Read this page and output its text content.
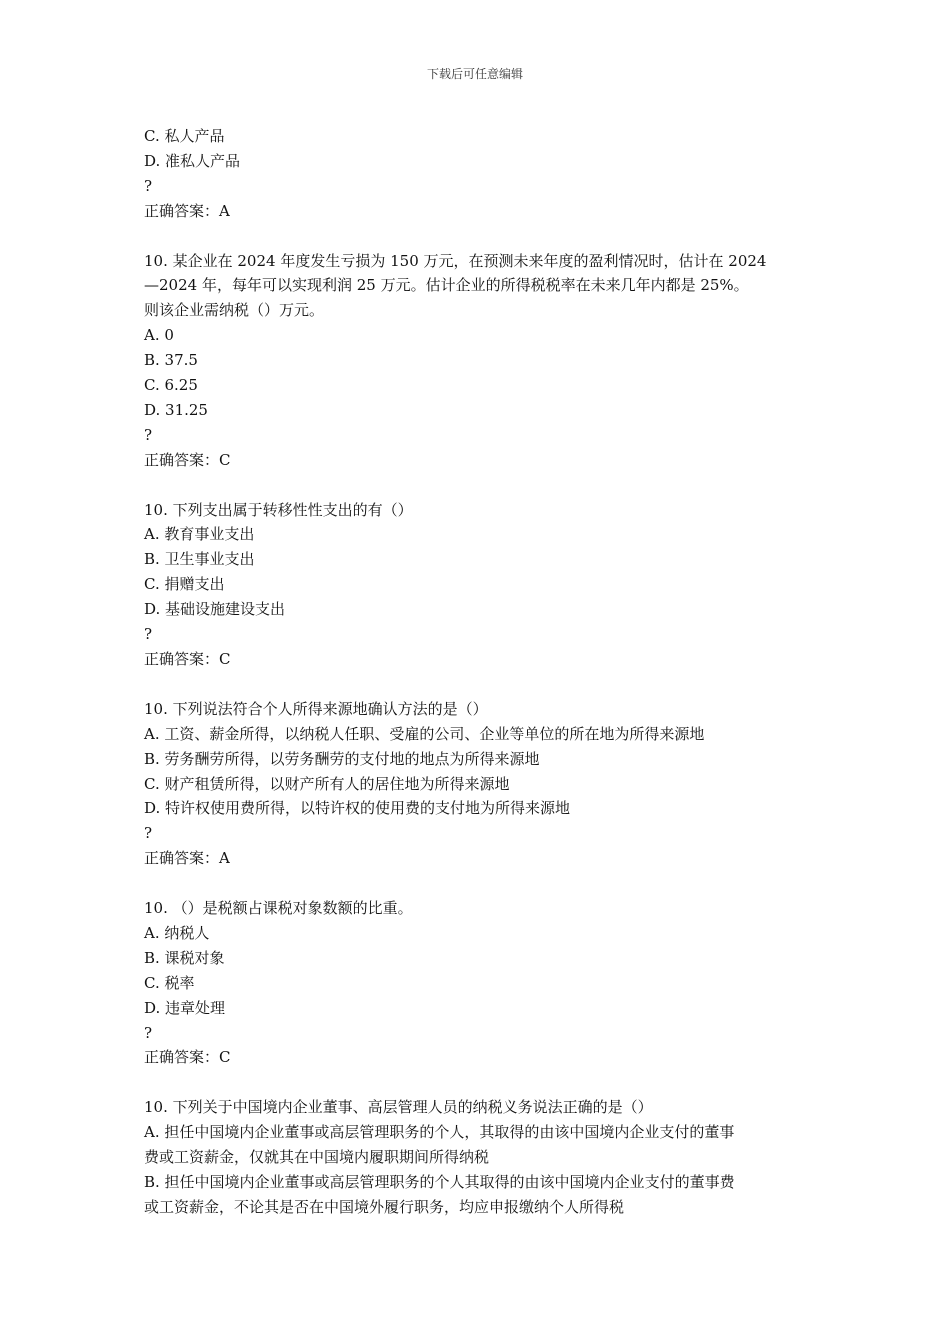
下载后可任意编辑

C. 私人产品

D. 准私人产品

?

正确答案：A

10. 某企业在 2024 年度发生亏损为 150 万元，在预测未来年度的盈利情况时，估计在 2024

—2024 年，每年可以实现利润 25 万元。估计企业的所得税税率在未来几年内都是 25%。

则该企业需纳税（）万元。

A. 0

B. 37.5

C. 6.25

D. 31.25

?

正确答案：C

10. 下列支出属于转移性性支出的有（）

A. 教育事业支出

B. 卫生事业支出

C. 捐赠支出

D. 基础设施建设支出

?

正确答案：C

10. 下列说法符合个人所得来源地确认方法的是（）

A. 工资、薪金所得，以纳税人任职、受雇的公司、企业等单位的所在地为所得来源地

B. 劳务酬劳所得，以劳务酬劳的支付地的地点为所得来源地

C. 财产租赁所得，以财产所有人的居住地为所得来源地

D. 特许权使用费所得，以特许权的使用费的支付地为所得来源地

?

正确答案：A

10. （）是税额占课税对象数额的比重。

A. 纳税人

B. 课税对象

C. 税率

D. 违章处理

?

正确答案：C

10. 下列关于中国境内企业董事、高层管理人员的纳税义务说法正确的是（）

A. 担任中国境内企业董事或高层管理职务的个人，其取得的由该中国境内企业支付的董事

费或工资薪金，仅就其在中国境内履职期间所得纳税

B. 担任中国境内企业董事或高层管理职务的个人其取得的由该中国境内企业支付的董事费

或工资薪金，不论其是否在中国境外履行职务，均应申报缴纳个人所得税
